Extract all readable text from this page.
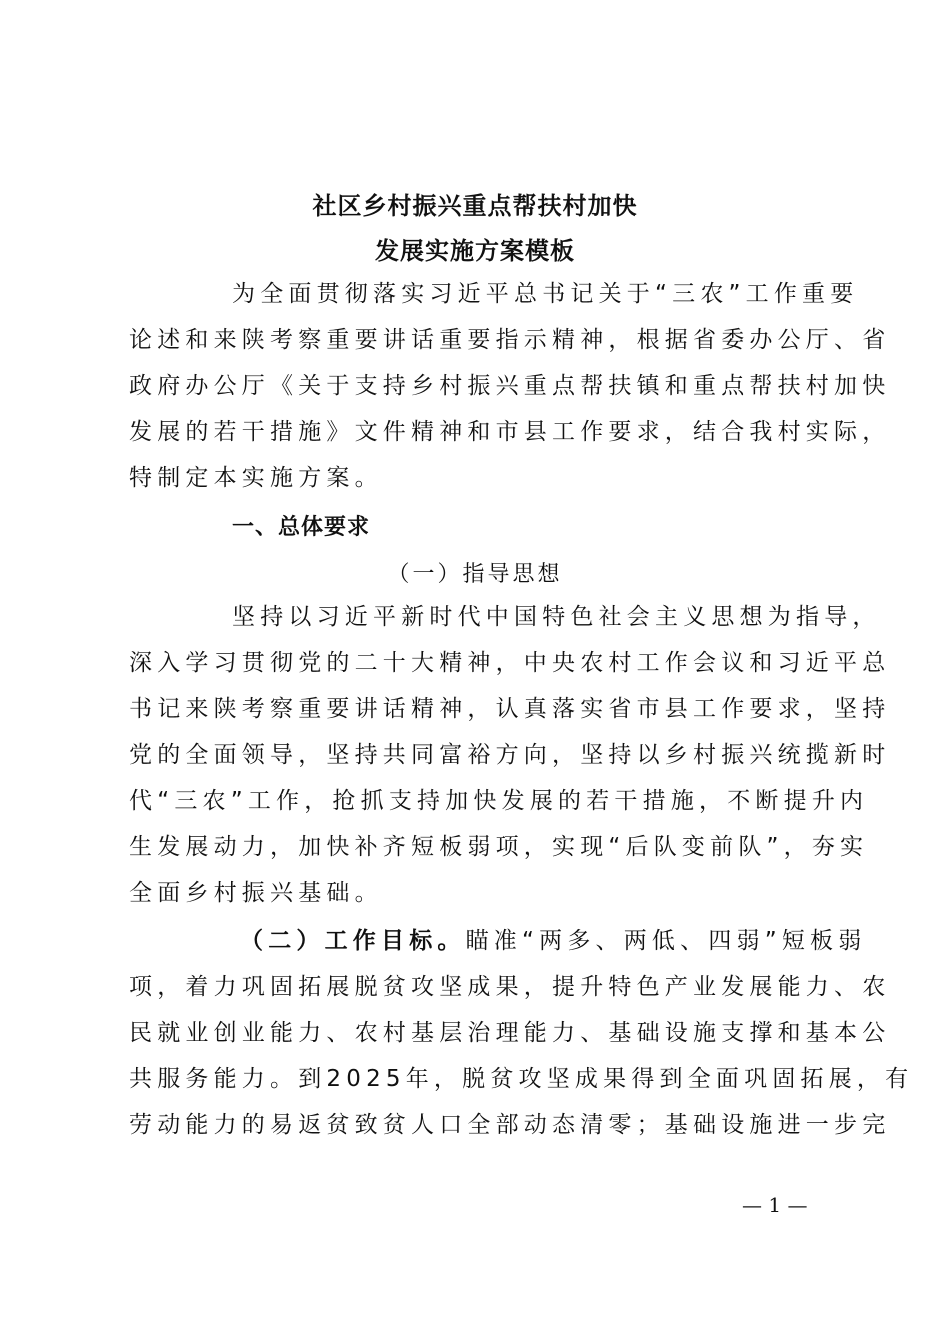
社区乡村振兴重点帮扶村加快
发展实施方案模板
为全面贯彻落实习近平总书记关于“三农”工作重要
论述和来陕考察重要讲话重要指示精神，根据省委办公厅、省
政府办公厅《关于支持乡村振兴重点帮扶镇和重点帮扶村加快
发展的若干措施》文件精神和市县工作要求，结合我村实际，
特制定本实施方案。
一、总体要求
（一）指导思想
坚持以习近平新时代中国特色社会主义思想为指导，
深入学习贯彻党的二十大精神，中央农村工作会议和习近平总
书记来陕考察重要讲话精神，认真落实省市县工作要求，坚持
党的全面领导，坚持共同富裕方向，坚持以乡村振兴统揽新时
代“三农”工作，抢抓支持加快发展的若干措施，不断提升内
生发展动力，加快补齐短板弱项，实现“后队变前队”，夯实
全面乡村振兴基础。
（二）工作目标。瞄准“两多、两低、四弱”短板弱
项，着力巩固拓展脱贫攻坚成果，提升特色产业发展能力、农
民就业创业能力、农村基层治理能力、基础设施支撑和基本公
共服务能力。到2025年，脱贫攻坚成果得到全面巩固拓展，有
劳动能力的易返贫致贫人口全部动态清零；基础设施进一步完
— 1 —
